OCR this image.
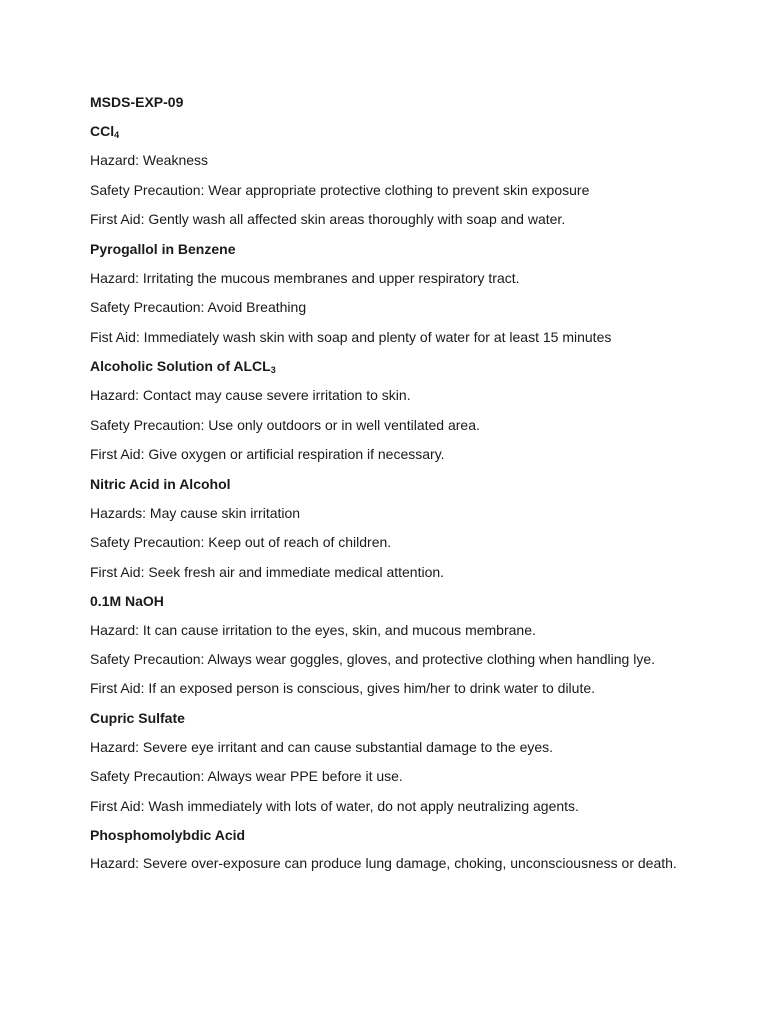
MSDS-EXP-09
CCl$_4$
Hazard: Weakness
Safety Precaution: Wear appropriate protective clothing to prevent skin exposure
First Aid: Gently wash all affected skin areas thoroughly with soap and water.
Pyrogallol in Benzene
Hazard: Irritating the mucous membranes and upper respiratory tract.
Safety Precaution: Avoid Breathing
Fist Aid: Immediately wash skin with soap and plenty of water for at least 15 minutes
Alcoholic Solution of $ALCL_3$
Hazard: Contact may cause severe irritation to skin.
Safety Precaution: Use only outdoors or in well ventilated area.
First Aid: Give oxygen or artificial respiration if necessary.
Nitric Acid in Alcohol
Hazards: May cause skin irritation
Safety Precaution: Keep out of reach of children.
First Aid: Seek fresh air and immediate medical attention.
0.1M NaOH
Hazard: It can cause irritation to the eyes, skin, and mucous membrane.
Safety Precaution: Always wear goggles, gloves, and protective clothing when handling lye.
First Aid: If an exposed person is conscious, gives him/her to drink water to dilute.
Cupric Sulfate
Hazard: Severe eye irritant and can cause substantial damage to the eyes.
Safety Precaution: Always wear PPE before it use.
First Aid: Wash immediately with lots of water, do not apply neutralizing agents.
Phosphomolybdic Acid
Hazard: Severe over-exposure can produce lung damage, choking, unconsciousness or death.
